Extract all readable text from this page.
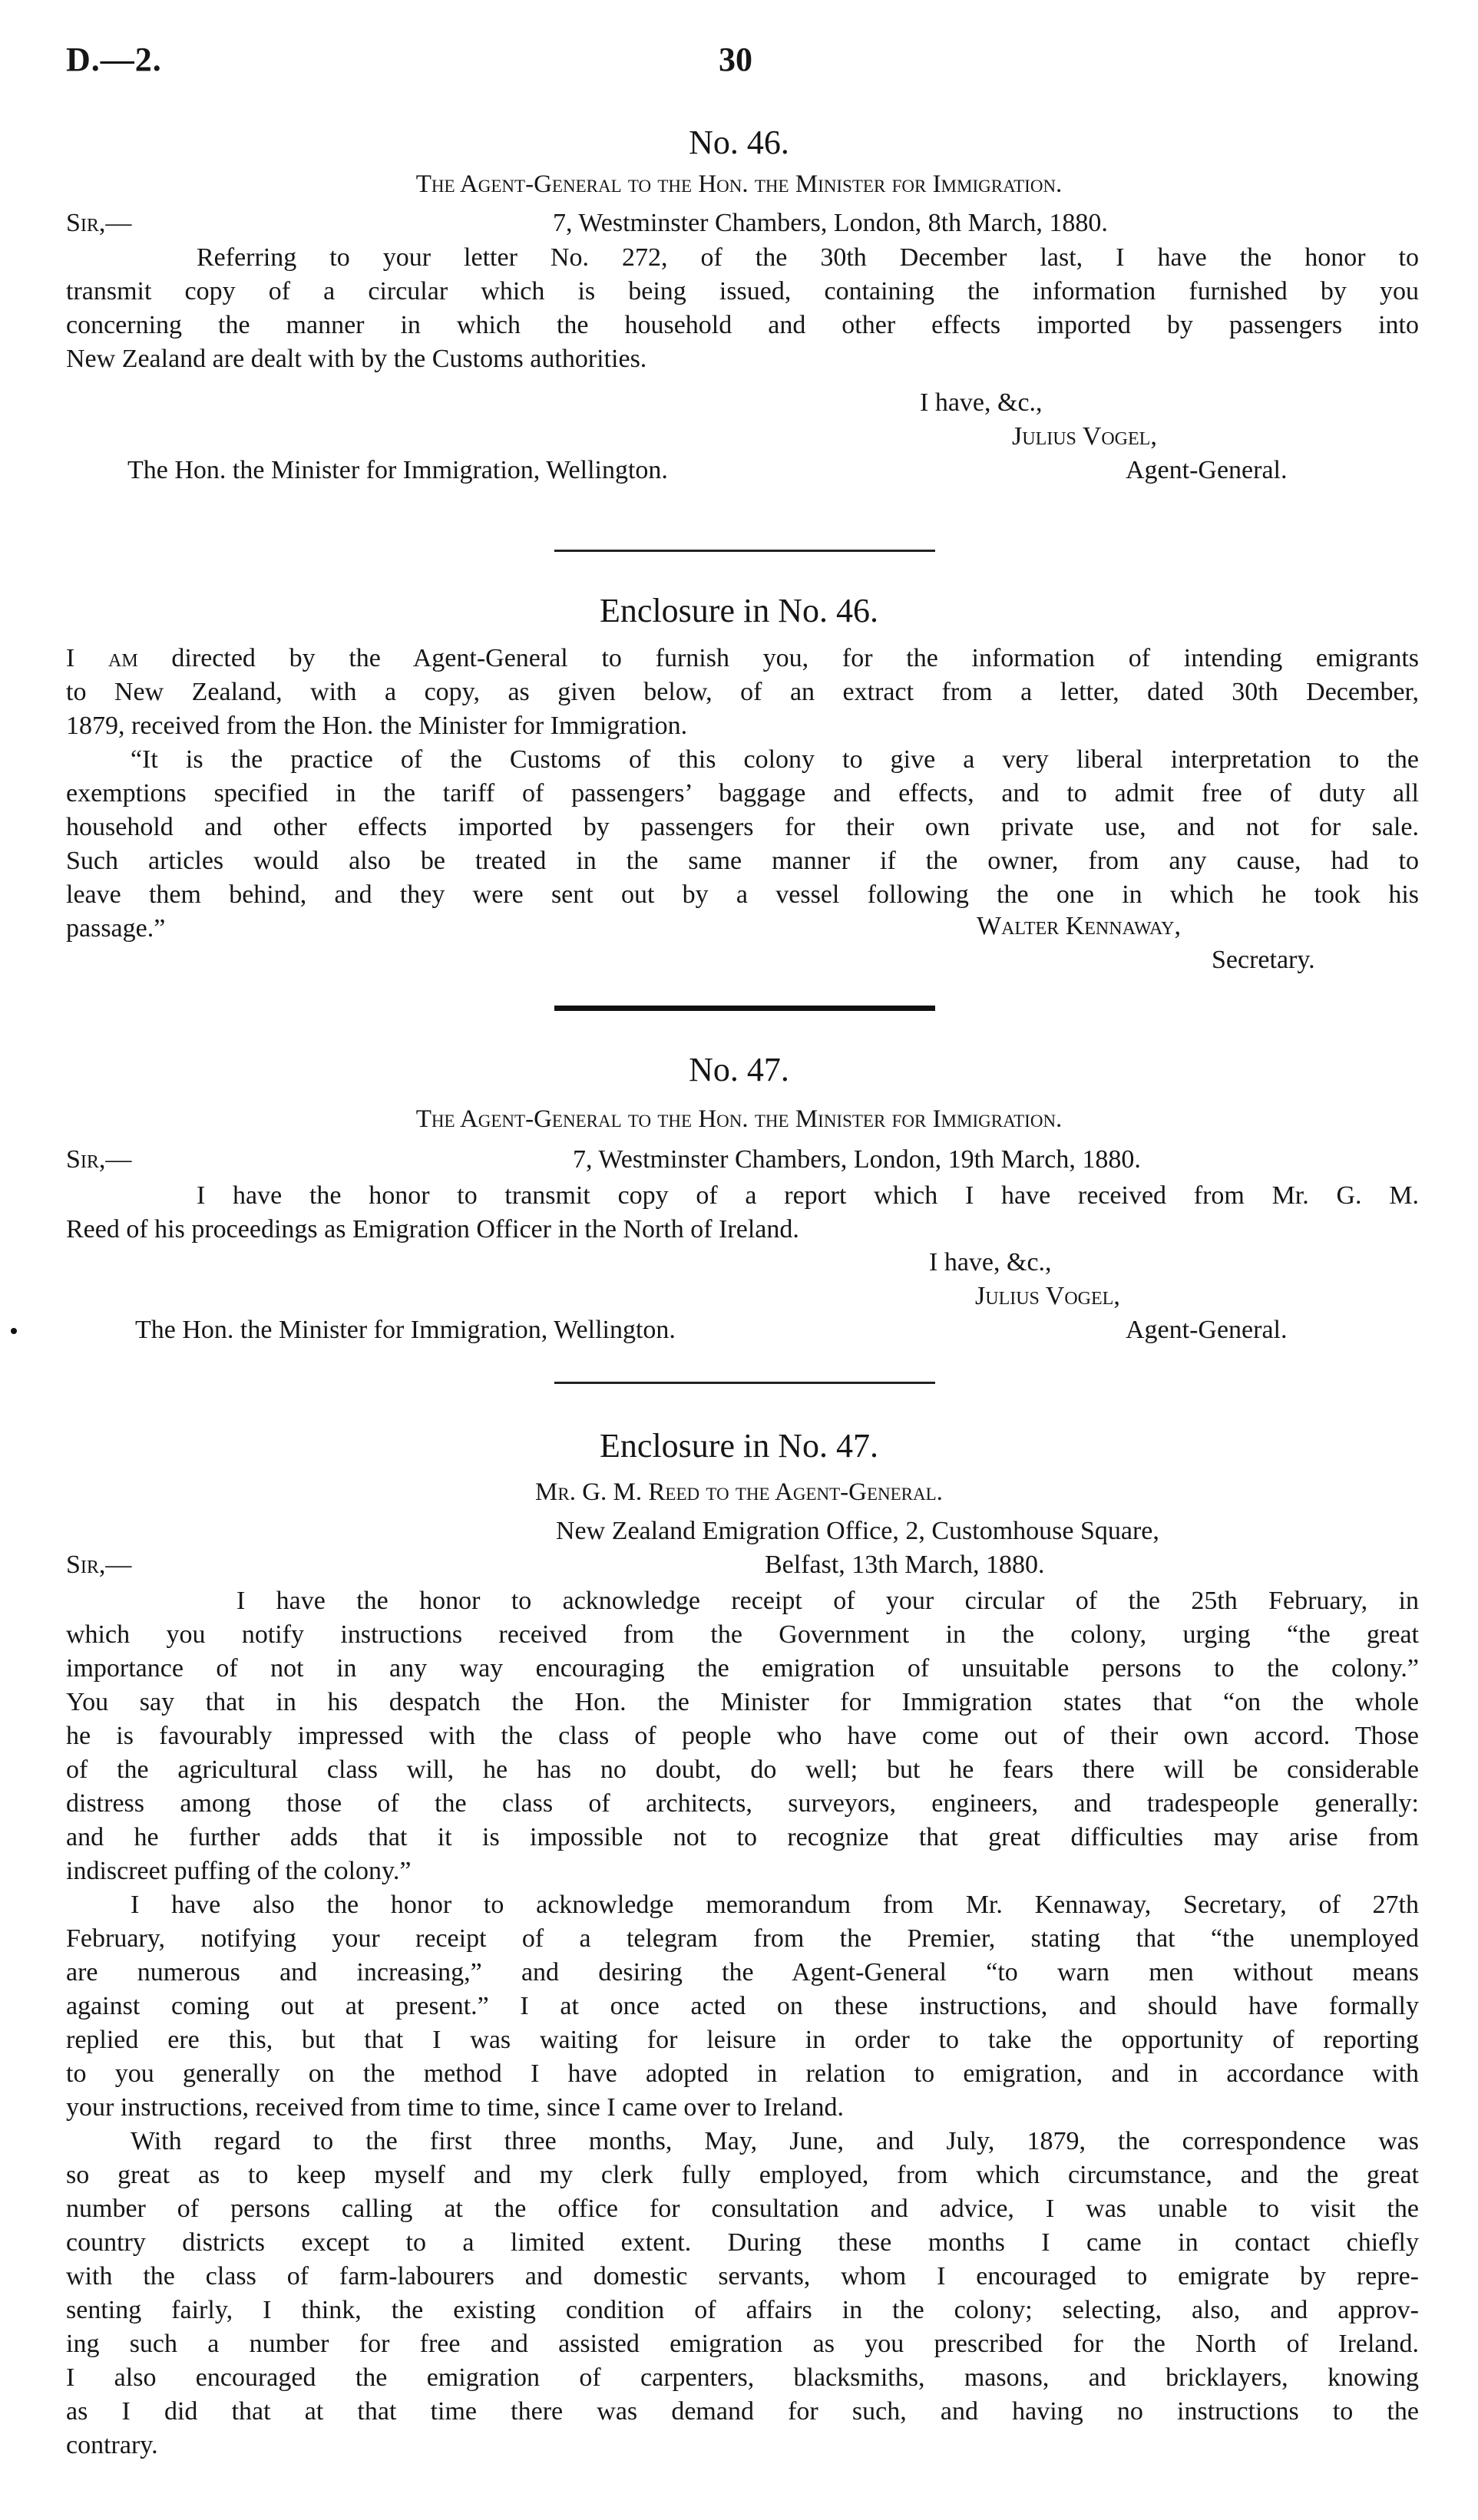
D.—2.	30
No. 46.
The Agent-General to the Hon. the Minister for Immigration.
Sir,—	7, Westminster Chambers, London, 8th March, 1880.
Referring to your letter No. 272, of the 30th December last, I have the honor to
transmit copy of a circular which is being issued, containing the information furnished by you
concerning the manner in which the household and other effects imported by passengers into
New Zealand are dealt with by the Customs authorities.
I have, &c.,
Julius Vogel,
The Hon. the Minister for Immigration, Wellington.	Agent-General.
Enclosure in No. 46.
I am directed by the Agent-General to furnish you, for the information of intending emigrants
to New Zealand, with a copy, as given below, of an extract from a letter, dated 30th December,
1879, received from the Hon. the Minister for Immigration.
“It is the practice of the Customs of this colony to give a very liberal interpretation to the
exemptions specified in the tariff of passengers’ baggage and effects, and to admit free of duty all
household and other effects imported by passengers for their own private use, and not for sale.
Such articles would also be treated in the same manner if the owner, from any cause, had to
leave them behind, and they were sent out by a vessel following the one in which he took his
passage.”	Walter Kennaway,
Secretary.
No. 47.
The Agent-General to the Hon. the Minister for Immigration.
Sir,—	7, Westminster Chambers, London, 19th March, 1880.
I have the honor to transmit copy of a report which I have received from Mr. G. M.
Reed of his proceedings as Emigration Officer in the North of Ireland.
I have, &c.,
Julius Vogel,
The Hon. the Minister for Immigration, Wellington.	Agent-General.
Enclosure in No. 47.
Mr. G. M. Reed to the Agent-General.
New Zealand Emigration Office, 2, Customhouse Square,
Sir,—	Belfast, 13th March, 1880.
I have the honor to acknowledge receipt of your circular of the 25th February, in
which you notify instructions received from the Government in the colony, urging “the great
importance of not in any way encouraging the emigration of unsuitable persons to the colony.”
You say that in his despatch the Hon. the Minister for Immigration states that “on the whole
he is favourably impressed with the class of people who have come out of their own accord. Those
of the agricultural class will, he has no doubt, do well; but he fears there will be considerable
distress among those of the class of architects, surveyors, engineers, and tradespeople generally:
and he further adds that it is impossible not to recognize that great difficulties may arise from
indiscreet puffing of the colony.”
I have also the honor to acknowledge memorandum from Mr. Kennaway, Secretary, of 27th
February, notifying your receipt of a telegram from the Premier, stating that “the unemployed
are numerous and increasing,” and desiring the Agent-General “to warn men without means
against coming out at present.” I at once acted on these instructions, and should have formally
replied ere this, but that I was waiting for leisure in order to take the opportunity of reporting
to you generally on the method I have adopted in relation to emigration, and in accordance with
your instructions, received from time to time, since I came over to Ireland.
With regard to the first three months, May, June, and July, 1879, the correspondence was
so great as to keep myself and my clerk fully employed, from which circumstance, and the great
number of persons calling at the office for consultation and advice, I was unable to visit the
country districts except to a limited extent. During these months I came in contact chiefly
with the class of farm-labourers and domestic servants, whom I encouraged to emigrate by repre-
senting fairly, I think, the existing condition of affairs in the colony; selecting, also, and approv-
ing such a number for free and assisted emigration as you prescribed for the North of Ireland.
I also encouraged the emigration of carpenters, blacksmiths, masons, and bricklayers, knowing
as I did that at that time there was demand for such, and having no instructions to the
contrary.
